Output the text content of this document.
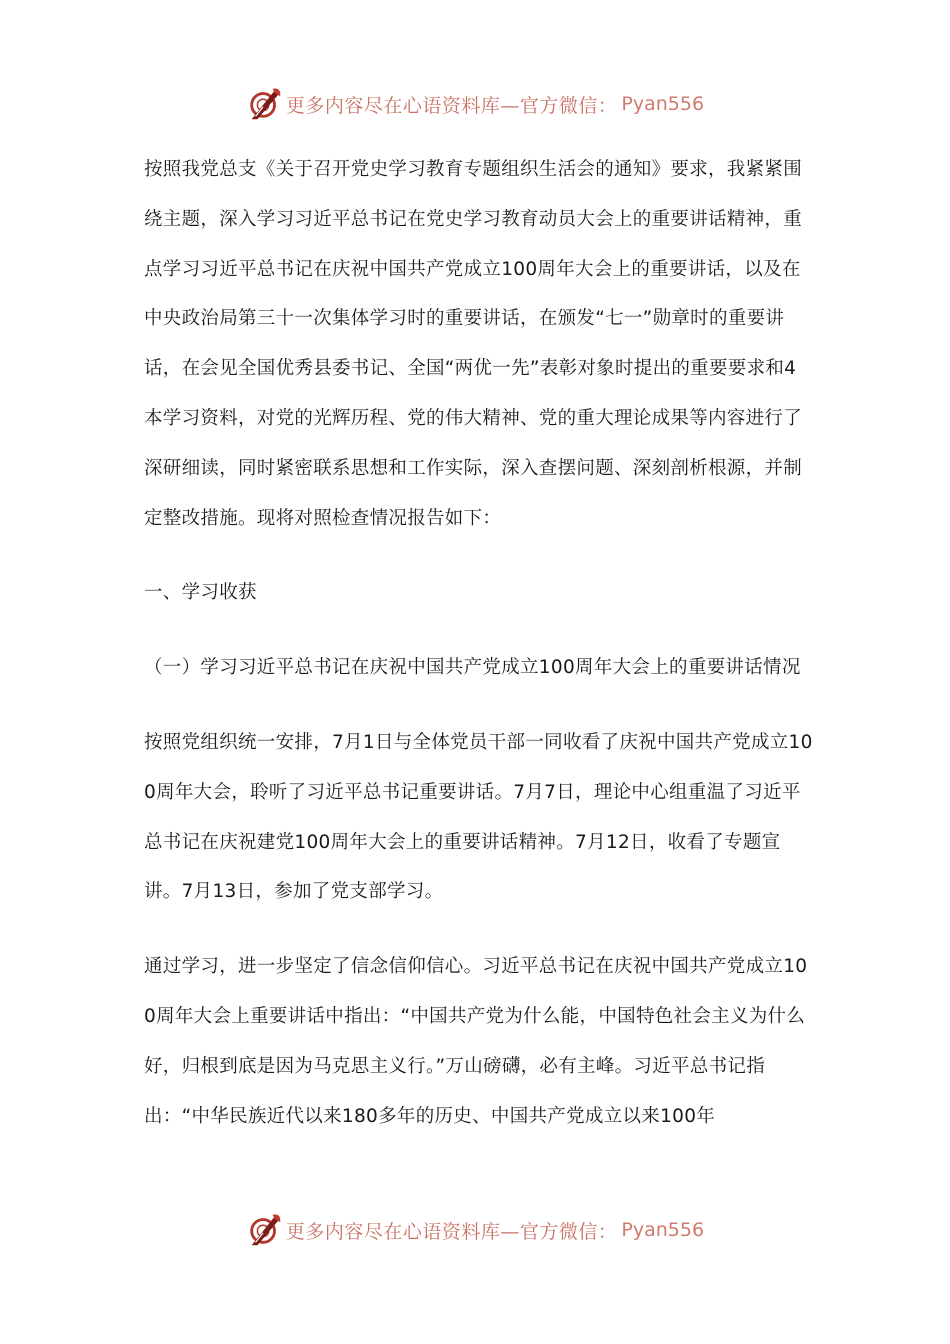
更多内容尽在心语资料库—官方微信： Pyan556

按照我党总支《关于召开党史学习教育专题组织生活会的通知》要求，我紧紧围绕主题，深入学习习近平总书记在党史学习教育动员大会上的重要讲话精神，重点学习习近平总书记在庆祝中国共产党成立100周年大会上的重要讲话，以及在中央政治局第三十一次集体学习时的重要讲话，在颁发“七一”勋章时的重要讲话，在会见全国优秀县委书记、全国“两优一先”表彰对象时提出的重要要求和4本学习资料，对党的光辉历程、党的伟大精神、党的重大理论成果等内容进行了深研细读，同时紧密联系思想和工作实际，深入查摆问题、深刻剖析根源，并制定整改措施。现将对照检查情况报告如下：

一、学习收获

（一）学习习近平总书记在庆祝中国共产党成立100周年大会上的重要讲话情况

按照党组织统一安排，7月1日与全体党员干部一同收看了庆祝中国共产党成立100周年大会，聆听了习近平总书记重要讲话。7月7日，理论中心组重温了习近平总书记在庆祝建党100周年大会上的重要讲话精神。7月12日，收看了专题宣讲。7月13日，参加了党支部学习。

通过学习，进一步坚定了信念信仰信心。习近平总书记在庆祝中国共产党成立100周年大会上重要讲话中指出：“中国共产党为什么能，中国特色社会主义为什么好，归根到底是因为马克思主义行。”万山磅礴，必有主峰。习近平总书记指出：“中华民族近代以来180多年的历史、中国共产党成立以来100年

更多内容尽在心语资料库—官方微信： Pyan556
